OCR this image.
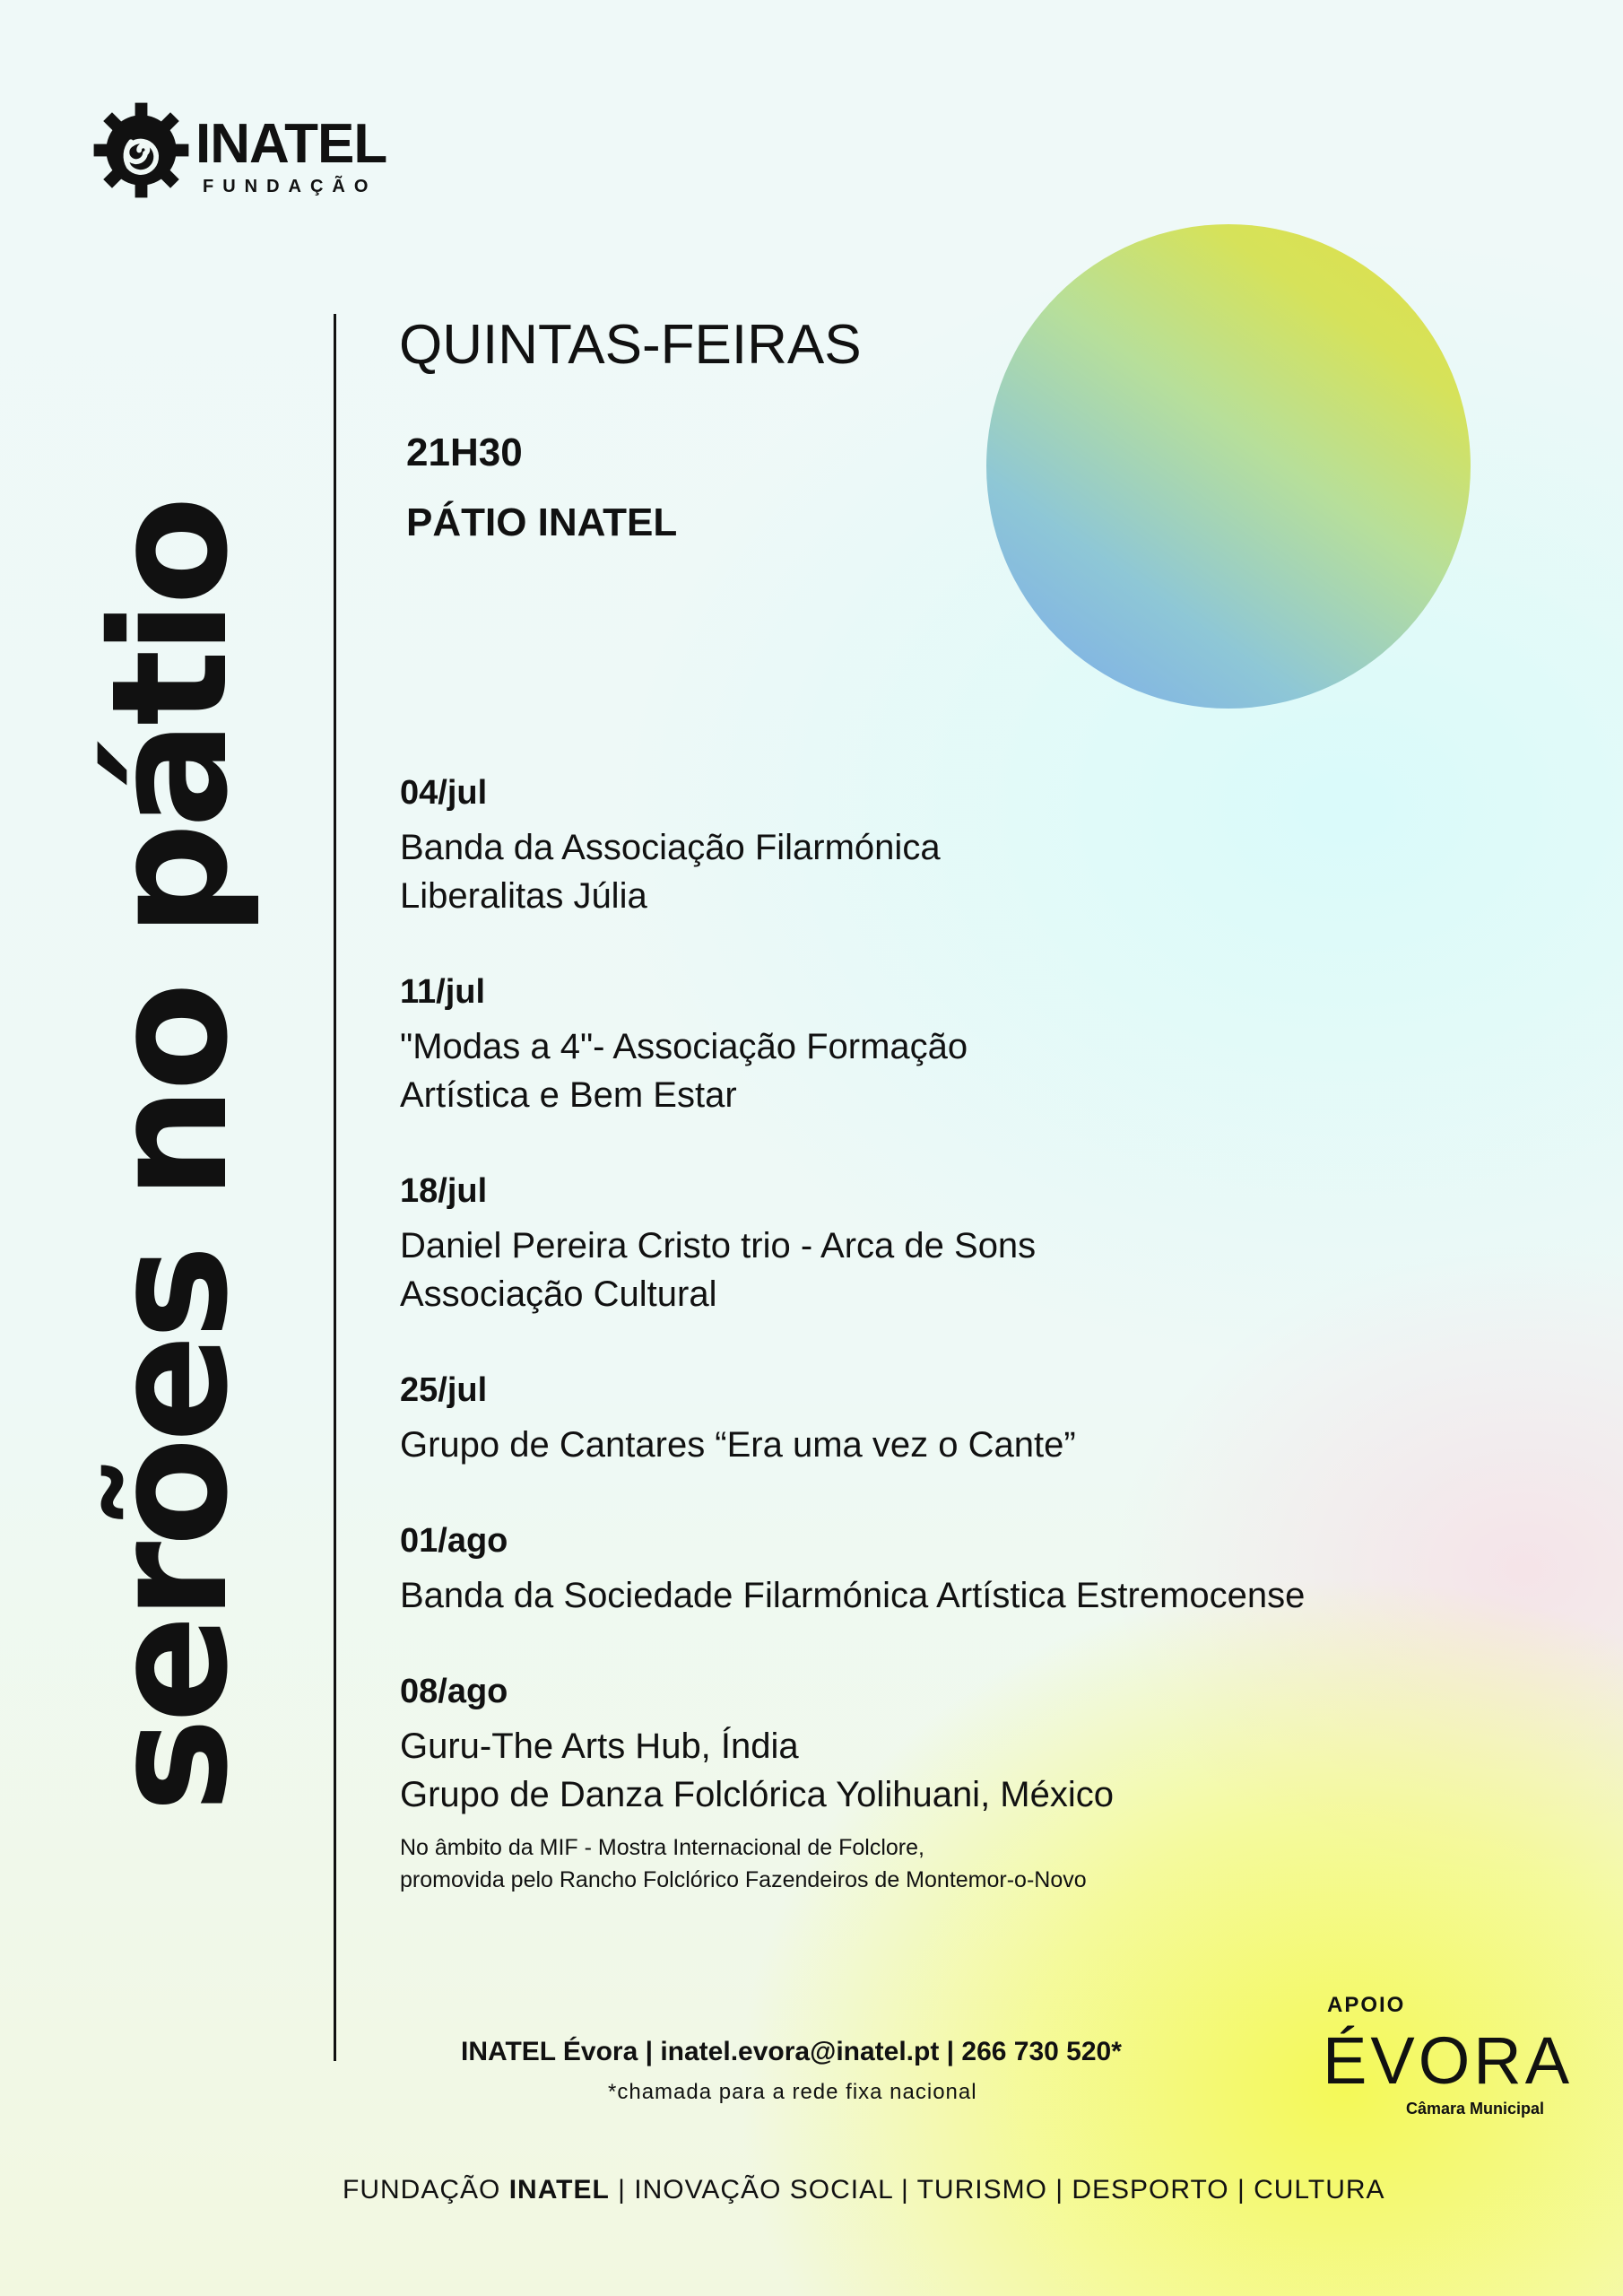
INATEL
FUNDAÇÃO
serões no pátio
QUINTAS-FEIRAS
21H30
PÁTIO INATEL
04/jul
Banda da Associação Filarmónica
Liberalitas Júlia
11/jul
"Modas a 4"- Associação Formação
Artística e Bem Estar
18/jul
Daniel Pereira Cristo trio - Arca de Sons
Associação Cultural
25/jul
Grupo de Cantares “Era uma vez o Cante”
01/ago
Banda da Sociedade Filarmónica Artística Estremocense
08/ago
Guru-The Arts Hub, Índia
Grupo de Danza Folclórica Yolihuani, México
No âmbito da MIF - Mostra Internacional de Folclore,
promovida pelo Rancho Folclórico Fazendeiros de Montemor-o-Novo
INATEL Évora | inatel.evora@inatel.pt | 266 730 520*
*chamada para a rede fixa nacional
APOIO
ÉVORA
Câmara Municipal
FUNDAÇÃO INATEL | INOVAÇÃO SOCIAL | TURISMO | DESPORTO | CULTURA
